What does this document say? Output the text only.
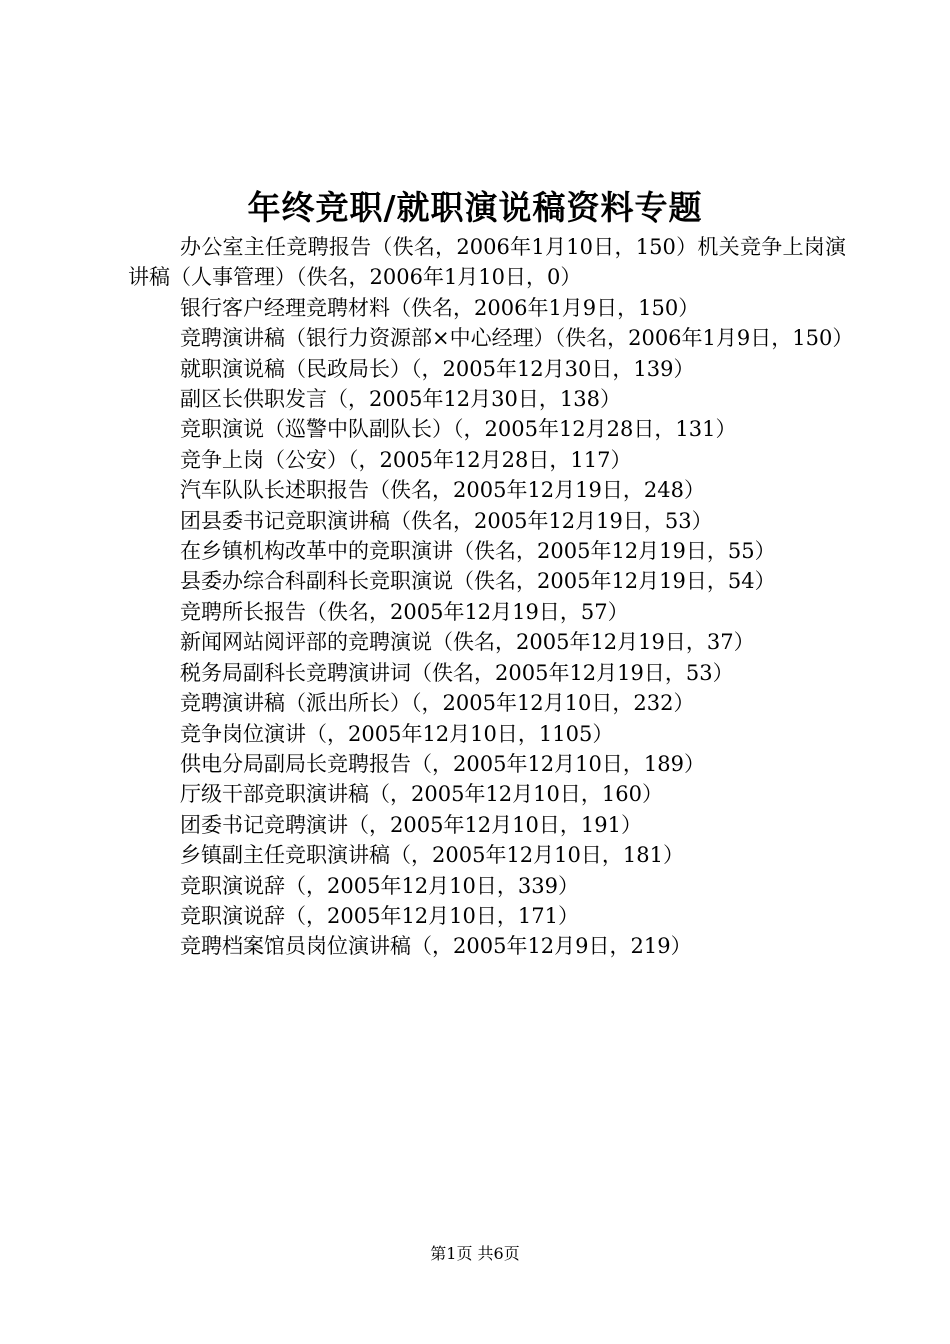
年终竞职/就职演说稿资料专题

办公室主任竞聘报告（佚名，2006年1月10日，150）机关竞争上岗演讲稿（人事管理）（佚名，2006年1月10日，0）

银行客户经理竞聘材料（佚名，2006年1月9日，150）

竞聘演讲稿（银行力资源部×中心经理）（佚名，2006年1月9日，150）

就职演说稿（民政局长）（，2005年12月30日，139）

副区长供职发言（，2005年12月30日，138）

竞职演说（巡警中队副队长）（，2005年12月28日，131）

竞争上岗（公安）（，2005年12月28日，117）

汽车队队长述职报告（佚名，2005年12月19日，248）

团县委书记竞职演讲稿（佚名，2005年12月19日，53）

在乡镇机构改革中的竞职演讲（佚名，2005年12月19日，55）

县委办综合科副科长竞职演说（佚名，2005年12月19日，54）

竞聘所长报告（佚名，2005年12月19日，57）

新闻网站阅评部的竞聘演说（佚名，2005年12月19日，37）

税务局副科长竞聘演讲词（佚名，2005年12月19日，53）

竞聘演讲稿（派出所长）（，2005年12月10日，232）

竞争岗位演讲（，2005年12月10日，1105）

供电分局副局长竞聘报告（，2005年12月10日，189）

厅级干部竞职演讲稿（，2005年12月10日，160）

团委书记竞聘演讲（，2005年12月10日，191）

乡镇副主任竞职演讲稿（，2005年12月10日，181）

竞职演说辞（，2005年12月10日，339）

竞职演说辞（，2005年12月10日，171）

竞聘档案馆员岗位演讲稿（，2005年12月9日，219）

第1页 共6页
